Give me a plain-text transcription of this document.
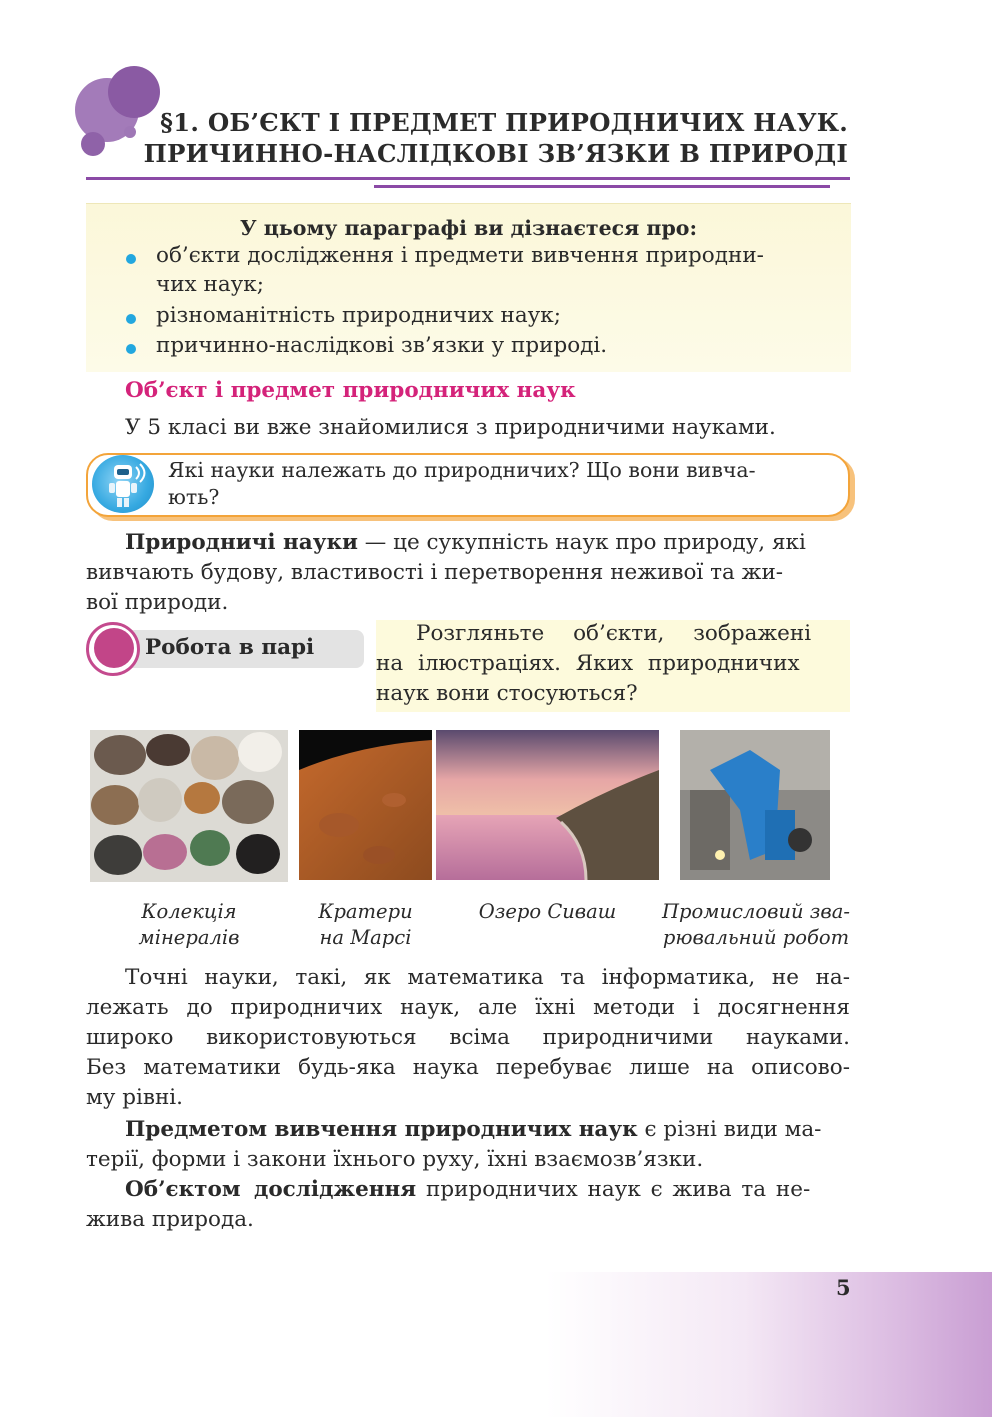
§1. ОБ’ЄКТ І ПРЕДМЕТ ПРИРОДНИЧИХ НАУК.
ПРИЧИННО-НАСЛІДКОВІ ЗВ’ЯЗКИ В ПРИРОДІ
У цьому параграфі ви дізнаєтеся про:
об’єкти дослідження і предмети вивчення природни-
чих наук;
різноманітність природничих наук;
причинно-наслідкові зв’язки у природі.
Об’єкт і предмет природничих наук
У 5 класі ви вже знайомилися з природничими науками.
Які науки належать до природничих? Що вони вивча-
ють?
Природничі науки — це сукупність наук про природу, які
вивчають будову, властивості і перетворення неживої та жи-
вої природи.
Робота в парі
Розгляньте об’єкти, зображені
на ілюстраціях. Яких природничих
наук вони стосуються?
Колекція
мінералів
Кратери
на Марсі
Озеро Сиваш	Промисловий зва-
рювальний робот
Точні науки, такі, як математика та інформатика, не на-
лежать до природничих наук, але їхні методи і досягнення
широко використовуються всіма природничими науками.
Без математики будь-яка наука перебуває лише на описово-
му рівні.
Предметом вивчення природничих наук є різні види ма-
терії, форми і закони їхнього руху, їхні взаємозв’язки.
Об’єктом дослідження природничих наук є жива та не-
жива природа.
5
